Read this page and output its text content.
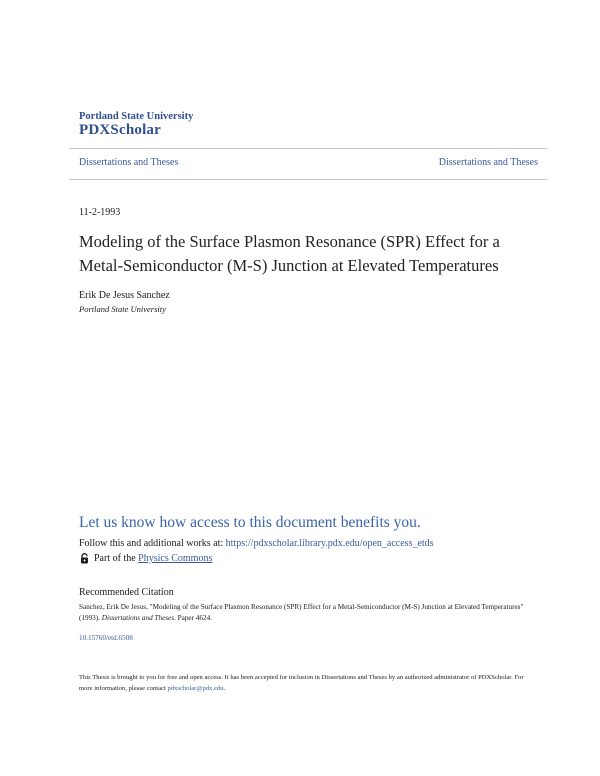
Portland State University
PDXScholar
Dissertations and Theses	Dissertations and Theses
11-2-1993
Modeling of the Surface Plasmon Resonance (SPR) Effect for a Metal-Semiconductor (M-S) Junction at Elevated Temperatures
Erik De Jesus Sanchez
Portland State University
Let us know how access to this document benefits you.
Follow this and additional works at: https://pdxscholar.library.pdx.edu/open_access_etds
Part of the Physics Commons
Recommended Citation
Sanchez, Erik De Jesus, "Modeling of the Surface Plasmon Resonance (SPR) Effect for a Metal-Semiconductor (M-S) Junction at Elevated Temperatures" (1993). Dissertations and Theses. Paper 4624.
10.15760/etd.6508
This Thesis is brought to you for free and open access. It has been accepted for inclusion in Dissertations and Theses by an authorized administrator of PDXScholar. For more information, please contact pdxscholar@pdx.edu.
